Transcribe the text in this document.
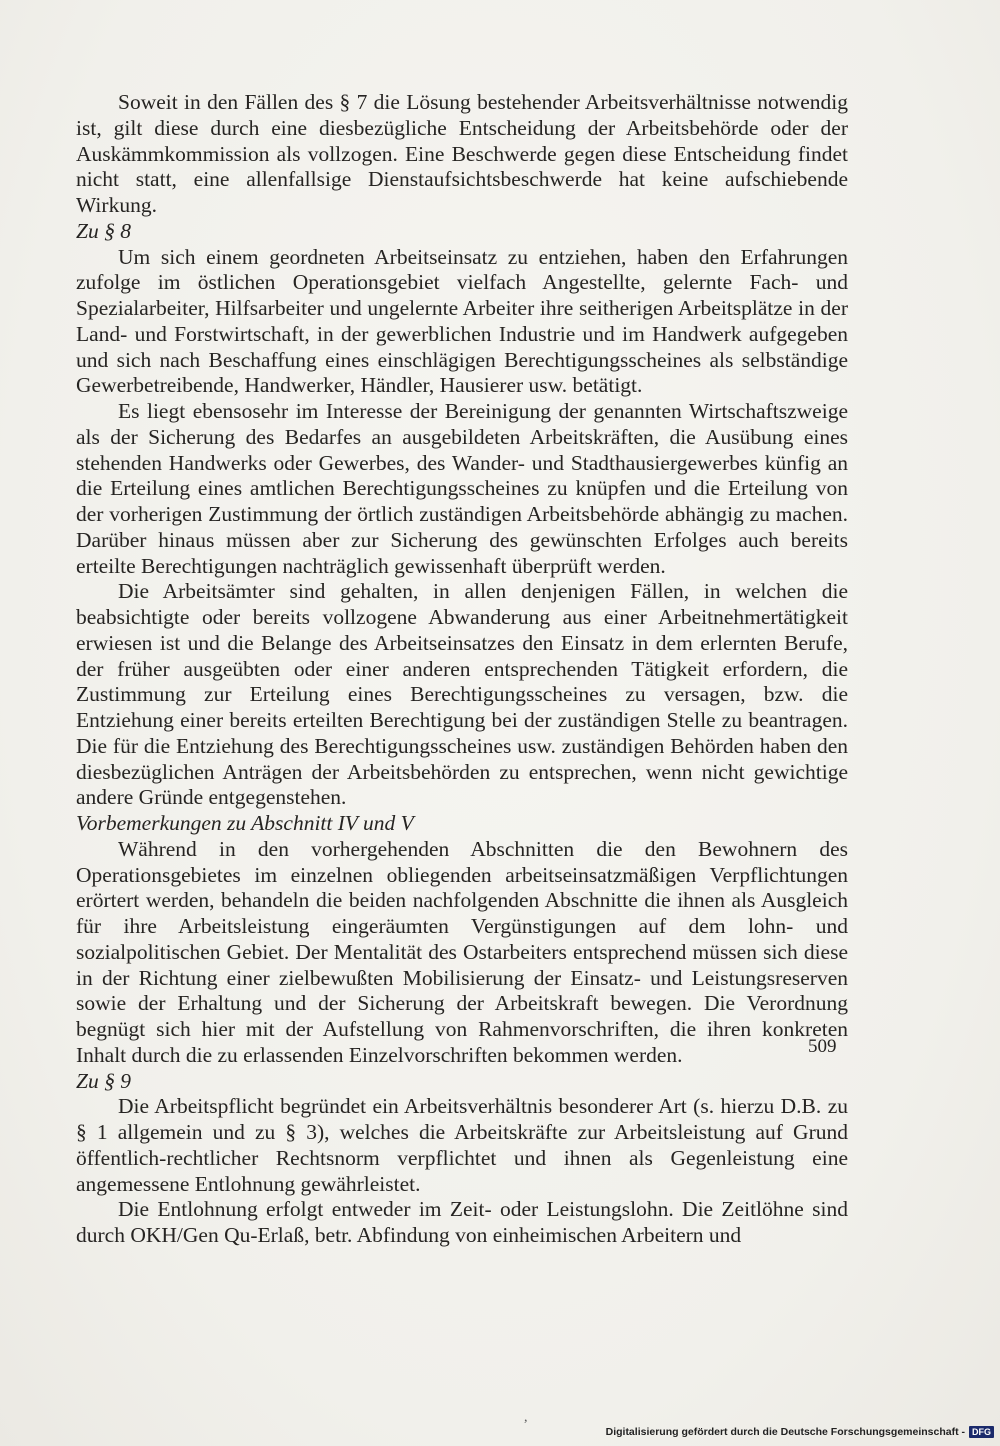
Soweit in den Fällen des § 7 die Lösung bestehender Arbeitsverhältnisse notwendig ist, gilt diese durch eine diesbezügliche Entscheidung der Arbeitsbehörde oder der Auskämmkommission als vollzogen. Eine Beschwerde gegen diese Entscheidung findet nicht statt, eine allenfallsige Dienstaufsichtsbeschwerde hat keine aufschiebende Wirkung.

Zu § 8

Um sich einem geordneten Arbeitseinsatz zu entziehen, haben den Erfahrungen zufolge im östlichen Operationsgebiet vielfach Angestellte, gelernte Fach- und Spezialarbeiter, Hilfsarbeiter und ungelernte Arbeiter ihre seitherigen Arbeitsplätze in der Land- und Forstwirtschaft, in der gewerblichen Industrie und im Handwerk aufgegeben und sich nach Beschaffung eines einschlägigen Berechtigungsscheines als selbständige Gewerbetreibende, Handwerker, Händler, Hausierer usw. betätigt.

Es liegt ebensosehr im Interesse der Bereinigung der genannten Wirtschaftszweige als der Sicherung des Bedarfes an ausgebildeten Arbeitskräften, die Ausübung eines stehenden Handwerks oder Gewerbes, des Wander- und Stadthausiergewerbes künfig an die Erteilung eines amtlichen Berechtigungsscheines zu knüpfen und die Erteilung von der vorherigen Zustimmung der örtlich zuständigen Arbeitsbehörde abhängig zu machen. Darüber hinaus müssen aber zur Sicherung des gewünschten Erfolges auch bereits erteilte Berechtigungen nachträglich gewissenhaft überprüft werden.

Die Arbeitsämter sind gehalten, in allen denjenigen Fällen, in welchen die beabsichtigte oder bereits vollzogene Abwanderung aus einer Arbeitnehmertätigkeit erwiesen ist und die Belange des Arbeitseinsatzes den Einsatz in dem erlernten Berufe, der früher ausgeübten oder einer anderen entsprechenden Tätigkeit erfordern, die Zustimmung zur Erteilung eines Berechtigungsscheines zu versagen, bzw. die Entziehung einer bereits erteilten Berechtigung bei der zuständigen Stelle zu beantragen. Die für die Entziehung des Berechtigungsscheines usw. zuständigen Behörden haben den diesbezüglichen Anträgen der Arbeitsbehörden zu entsprechen, wenn nicht gewichtige andere Gründe entgegenstehen.

Vorbemerkungen zu Abschnitt IV und V

Während in den vorhergehenden Abschnitten die den Bewohnern des Operationsgebietes im einzelnen obliegenden arbeitseinsatzmäßigen Verpflichtungen erörtert werden, behandeln die beiden nachfolgenden Abschnitte die ihnen als Ausgleich für ihre Arbeitsleistung eingeräumten Vergünstigungen auf dem lohn- und sozialpolitischen Gebiet. Der Mentalität des Ostarbeiters entsprechend müssen sich diese in der Richtung einer zielbewußten Mobilisierung der Einsatz- und Leistungsreserven sowie der Erhaltung und der Sicherung der Arbeitskraft bewegen. Die Verordnung begnügt sich hier mit der Aufstellung von Rahmenvorschriften, die ihren konkreten Inhalt durch die zu erlassenden Einzelvorschriften bekommen werden.

Zu § 9

Die Arbeitspflicht begründet ein Arbeitsverhältnis besonderer Art (s. hierzu D.B. zu § 1 allgemein und zu § 3), welches die Arbeitskräfte zur Arbeitsleistung auf Grund öffentlich-rechtlicher Rechtsnorm verpflichtet und ihnen als Gegenleistung eine angemessene Entlohnung gewährleistet.

Die Entlohnung erfolgt entweder im Zeit- oder Leistungslohn. Die Zeitlöhne sind durch OKH/Gen Qu-Erlaß, betr. Abfindung von einheimischen Arbeitern und

509
,
Digitalisierung gefördert durch die Deutsche Forschungsgemeinschaft - DFG
